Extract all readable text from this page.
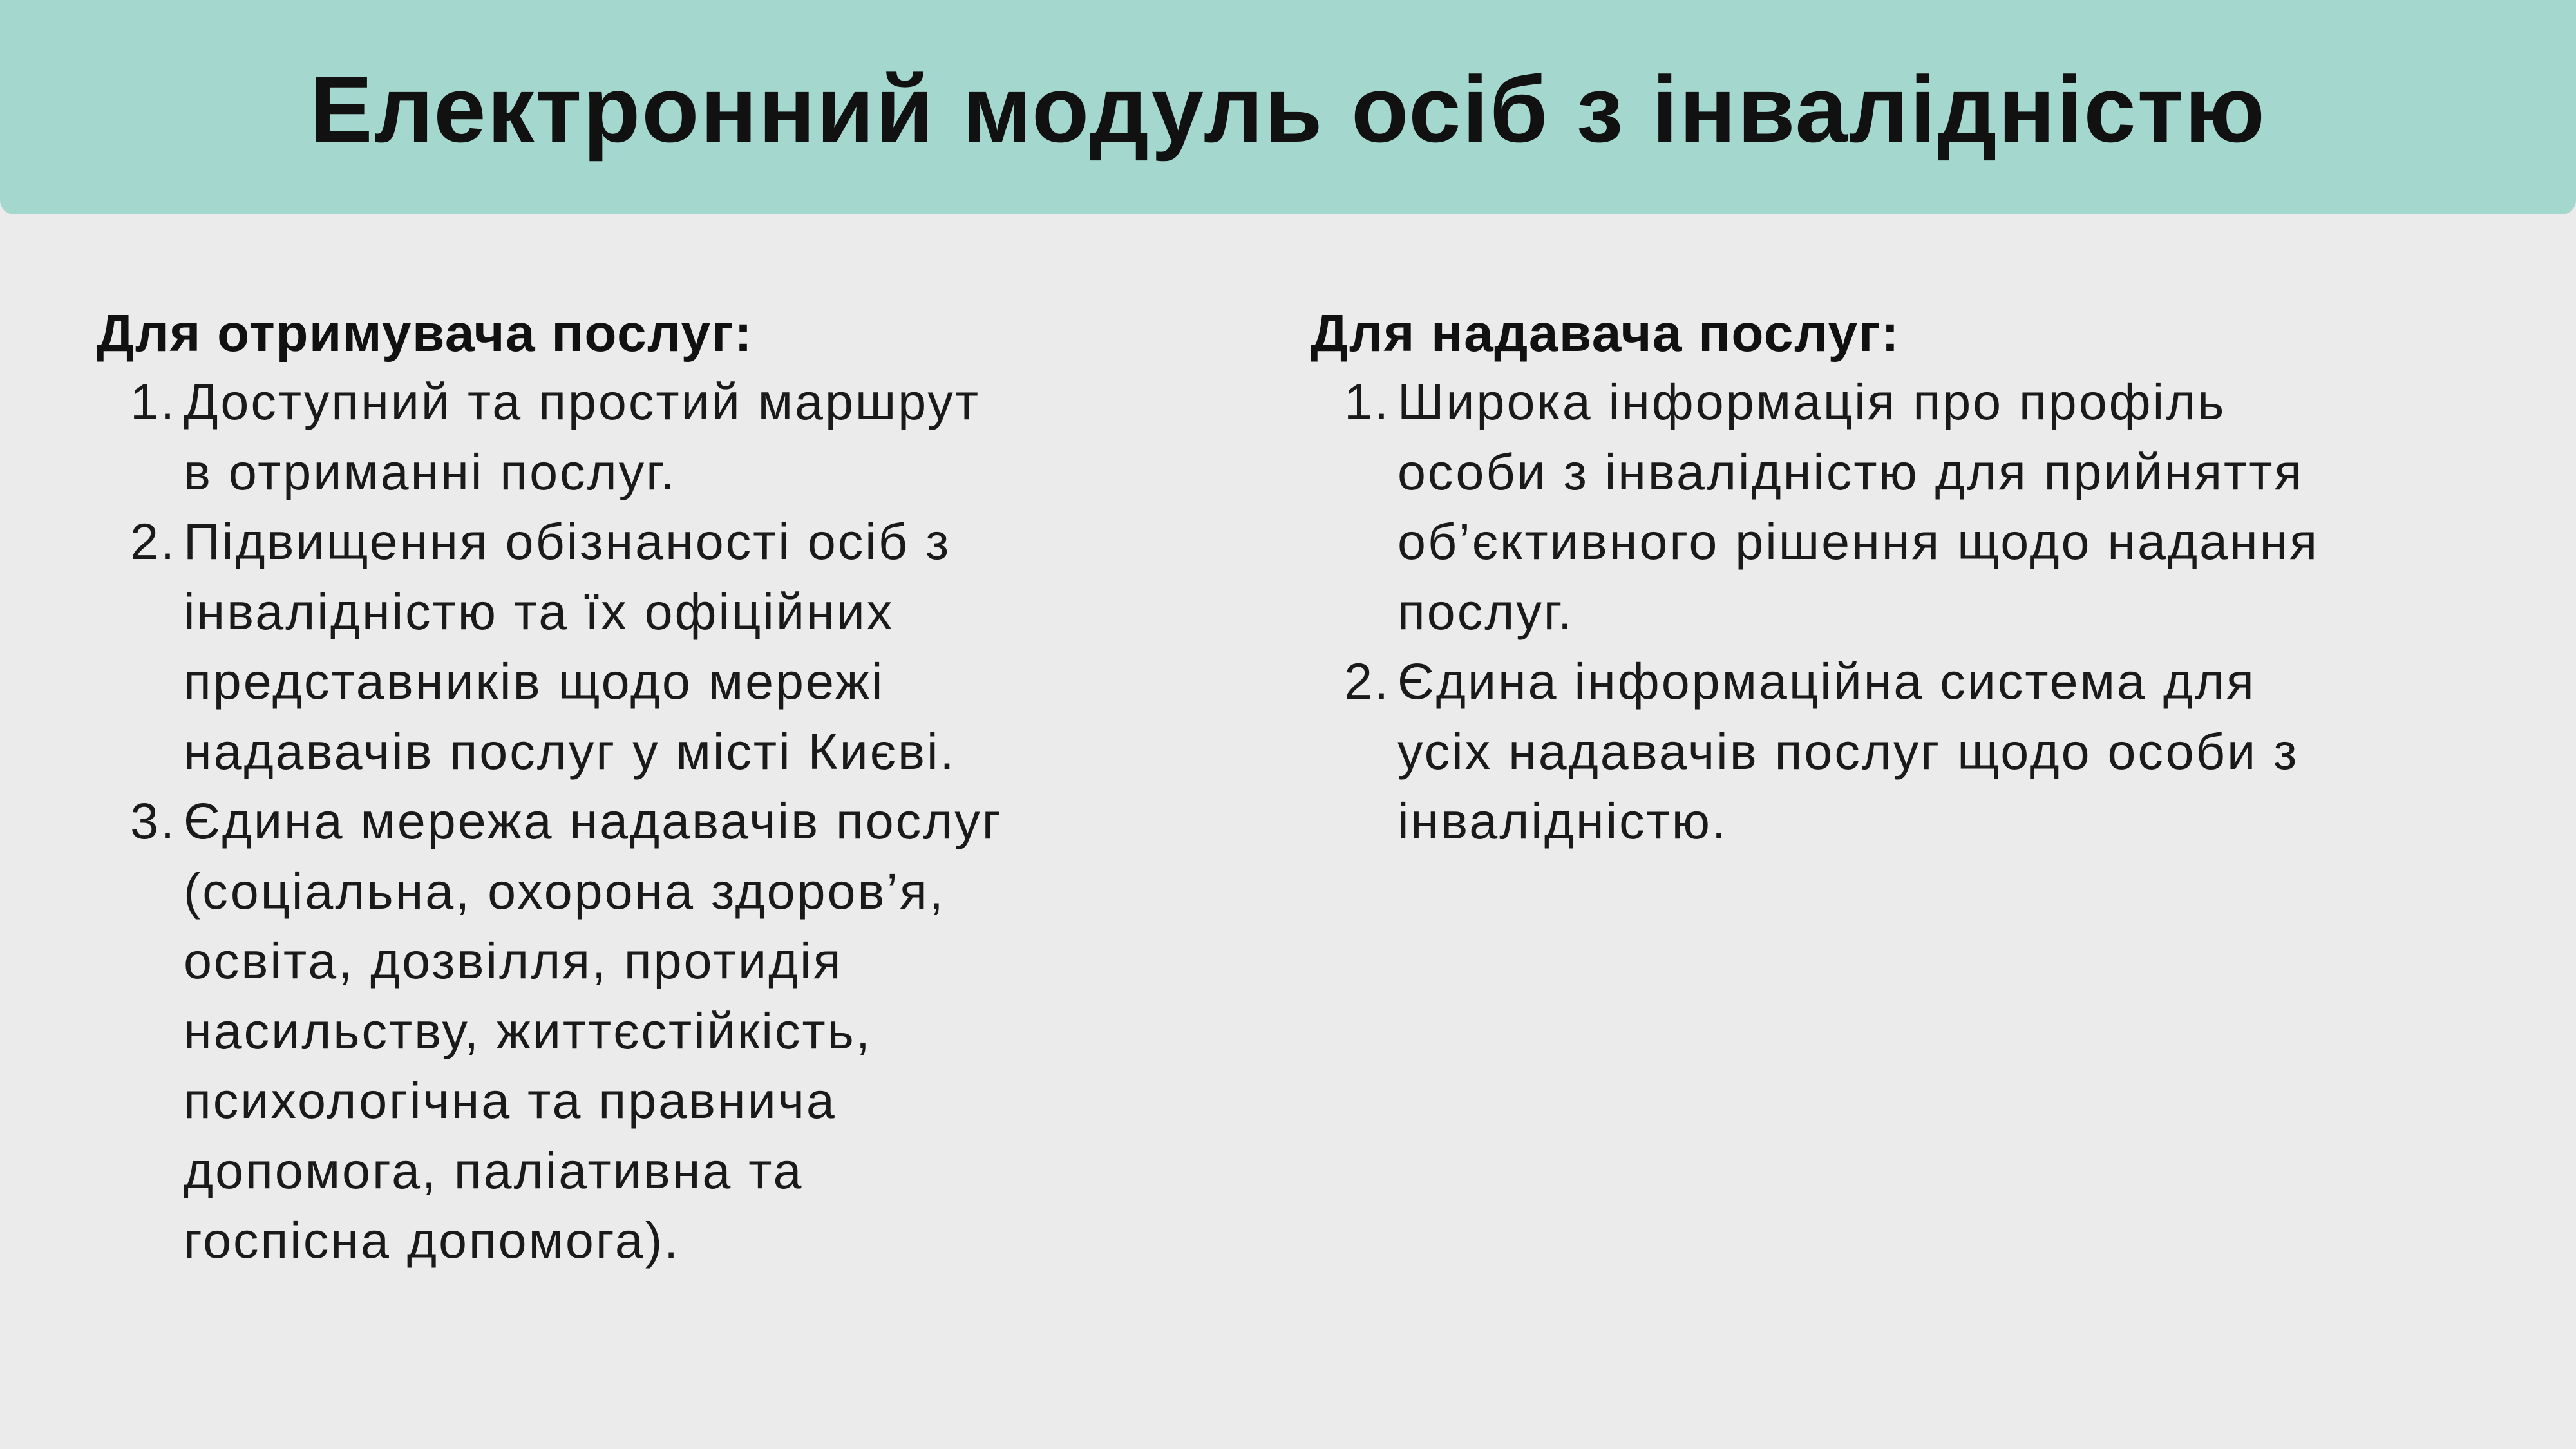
Електронний модуль осіб з інвалідністю
Для отримувача послуг:
1. Доступний та простий маршрут
в отриманні послуг.
2. Підвищення обізнаності осіб з
інвалідністю та їх офіційних
представників щодо мережі
надавачів послуг у місті Києві.
3. Єдина мережа надавачів послуг
(соціальна, охорона здоров’я,
освіта, дозвілля, протидія
насильству, життєстійкість,
психологічна та правнича
допомога, паліативна та
госпісна допомога).
Для надавача послуг:
1. Широка інформація про профіль
особи з інвалідністю для прийняття
об’єктивного рішення щодо надання
послуг.
2. Єдина інформаційна система для
усіх надавачів послуг щодо особи з
інвалідністю.
